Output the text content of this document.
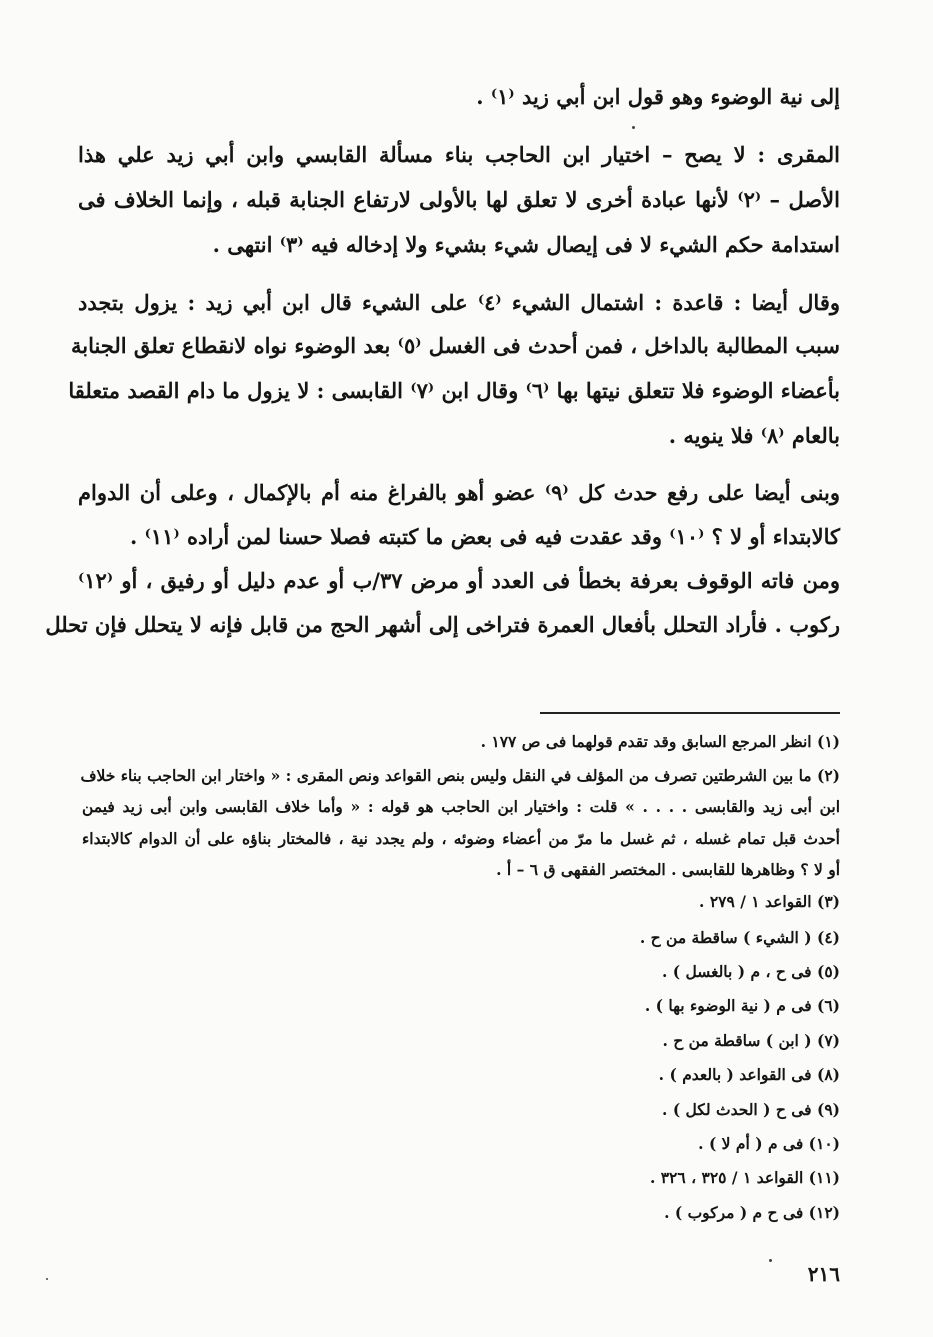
إلى نية الوضوء وهو قول ابن أبي زيد ⁽١⁾ .
المقرى : لا يصح – اختيار ابن الحاجب بناء مسألة القابسي وابن أبي زيد علي هذا
الأصل – ⁽٢⁾ لأنها عبادة أخرى لا تعلق لها بالأولى لارتفاع الجنابة قبله ، وإنما الخلاف فى
استدامة حكم الشيء لا فى إيصال شيء بشيء ولا إدخاله فيه ⁽٣⁾ انتهى .
وقال أيضا : قاعدة : اشتمال الشيء ⁽٤⁾ على الشيء قال ابن أبي زيد : يزول بتجدد
سبب المطالبة بالداخل ، فمن أحدث فى الغسل ⁽٥⁾ بعد الوضوء نواه لانقطاع تعلق الجنابة
بأعضاء الوضوء فلا تتعلق نيتها بها ⁽٦⁾ وقال ابن ⁽٧⁾ القابسى : لا يزول ما دام القصد متعلقا
بالعام ⁽٨⁾ فلا ينويه .
وبنى أيضا على رفع حدث كل ⁽٩⁾ عضو أهو بالفراغ منه أم بالإكمال ، وعلى أن الدوام
كالابتداء أو لا ؟ ⁽١٠⁾ وقد عقدت فيه فى بعض ما كتبته فصلا حسنا لمن أراده ⁽١١⁾ .
ومن فاته الوقوف بعرفة بخطأ فى العدد أو مرض ٣٧/ب أو عدم دليل أو رفيق ، أو ⁽١٢⁾
ركوب . فأراد التحلل بأفعال العمرة فتراخى إلى أشهر الحج من قابل فإنه لا يتحلل فإن تحلل
(١) انظر المرجع السابق وقد تقدم قولهما فى ص ١٧٧ .
(٢) ما بين الشرطتين تصرف من المؤلف في النقل وليس بنص القواعد ونص المقرى : « واختار ابن الحاجب بناء خلاف
ابن أبى زيد والقابسى . . . . » قلت : واختيار ابن الحاجب هو قوله : « وأما خلاف القابسى وابن أبى زيد فيمن
أحدث قبل تمام غسله ، ثم غسل ما مرّ من أعضاء وضوئه ، ولم يجدد نية ، فالمختار بناؤه على أن الدوام كالابتداء
أو لا ؟ وظاهرها للقابسى . المختصر الفقهى ق ٦ – أ .
(٣) القواعد ١ / ٢٧٩ .
(٤) ( الشيء ) ساقطة من ح .
(٥) فى ح ، م ( بالغسل ) .
(٦) فى م ( نية الوضوء بها ) .
(٧) ( ابن ) ساقطة من ح .
(٨) فى القواعد ( بالعدم ) .
(٩) فى ح ( الحدث لكل ) .
(١٠) فى م ( أم لا ) .
(١١) القواعد ١ / ٣٢٥ ، ٣٢٦ .
(١٢) فى ح م ( مركوب ) .
٢١٦
